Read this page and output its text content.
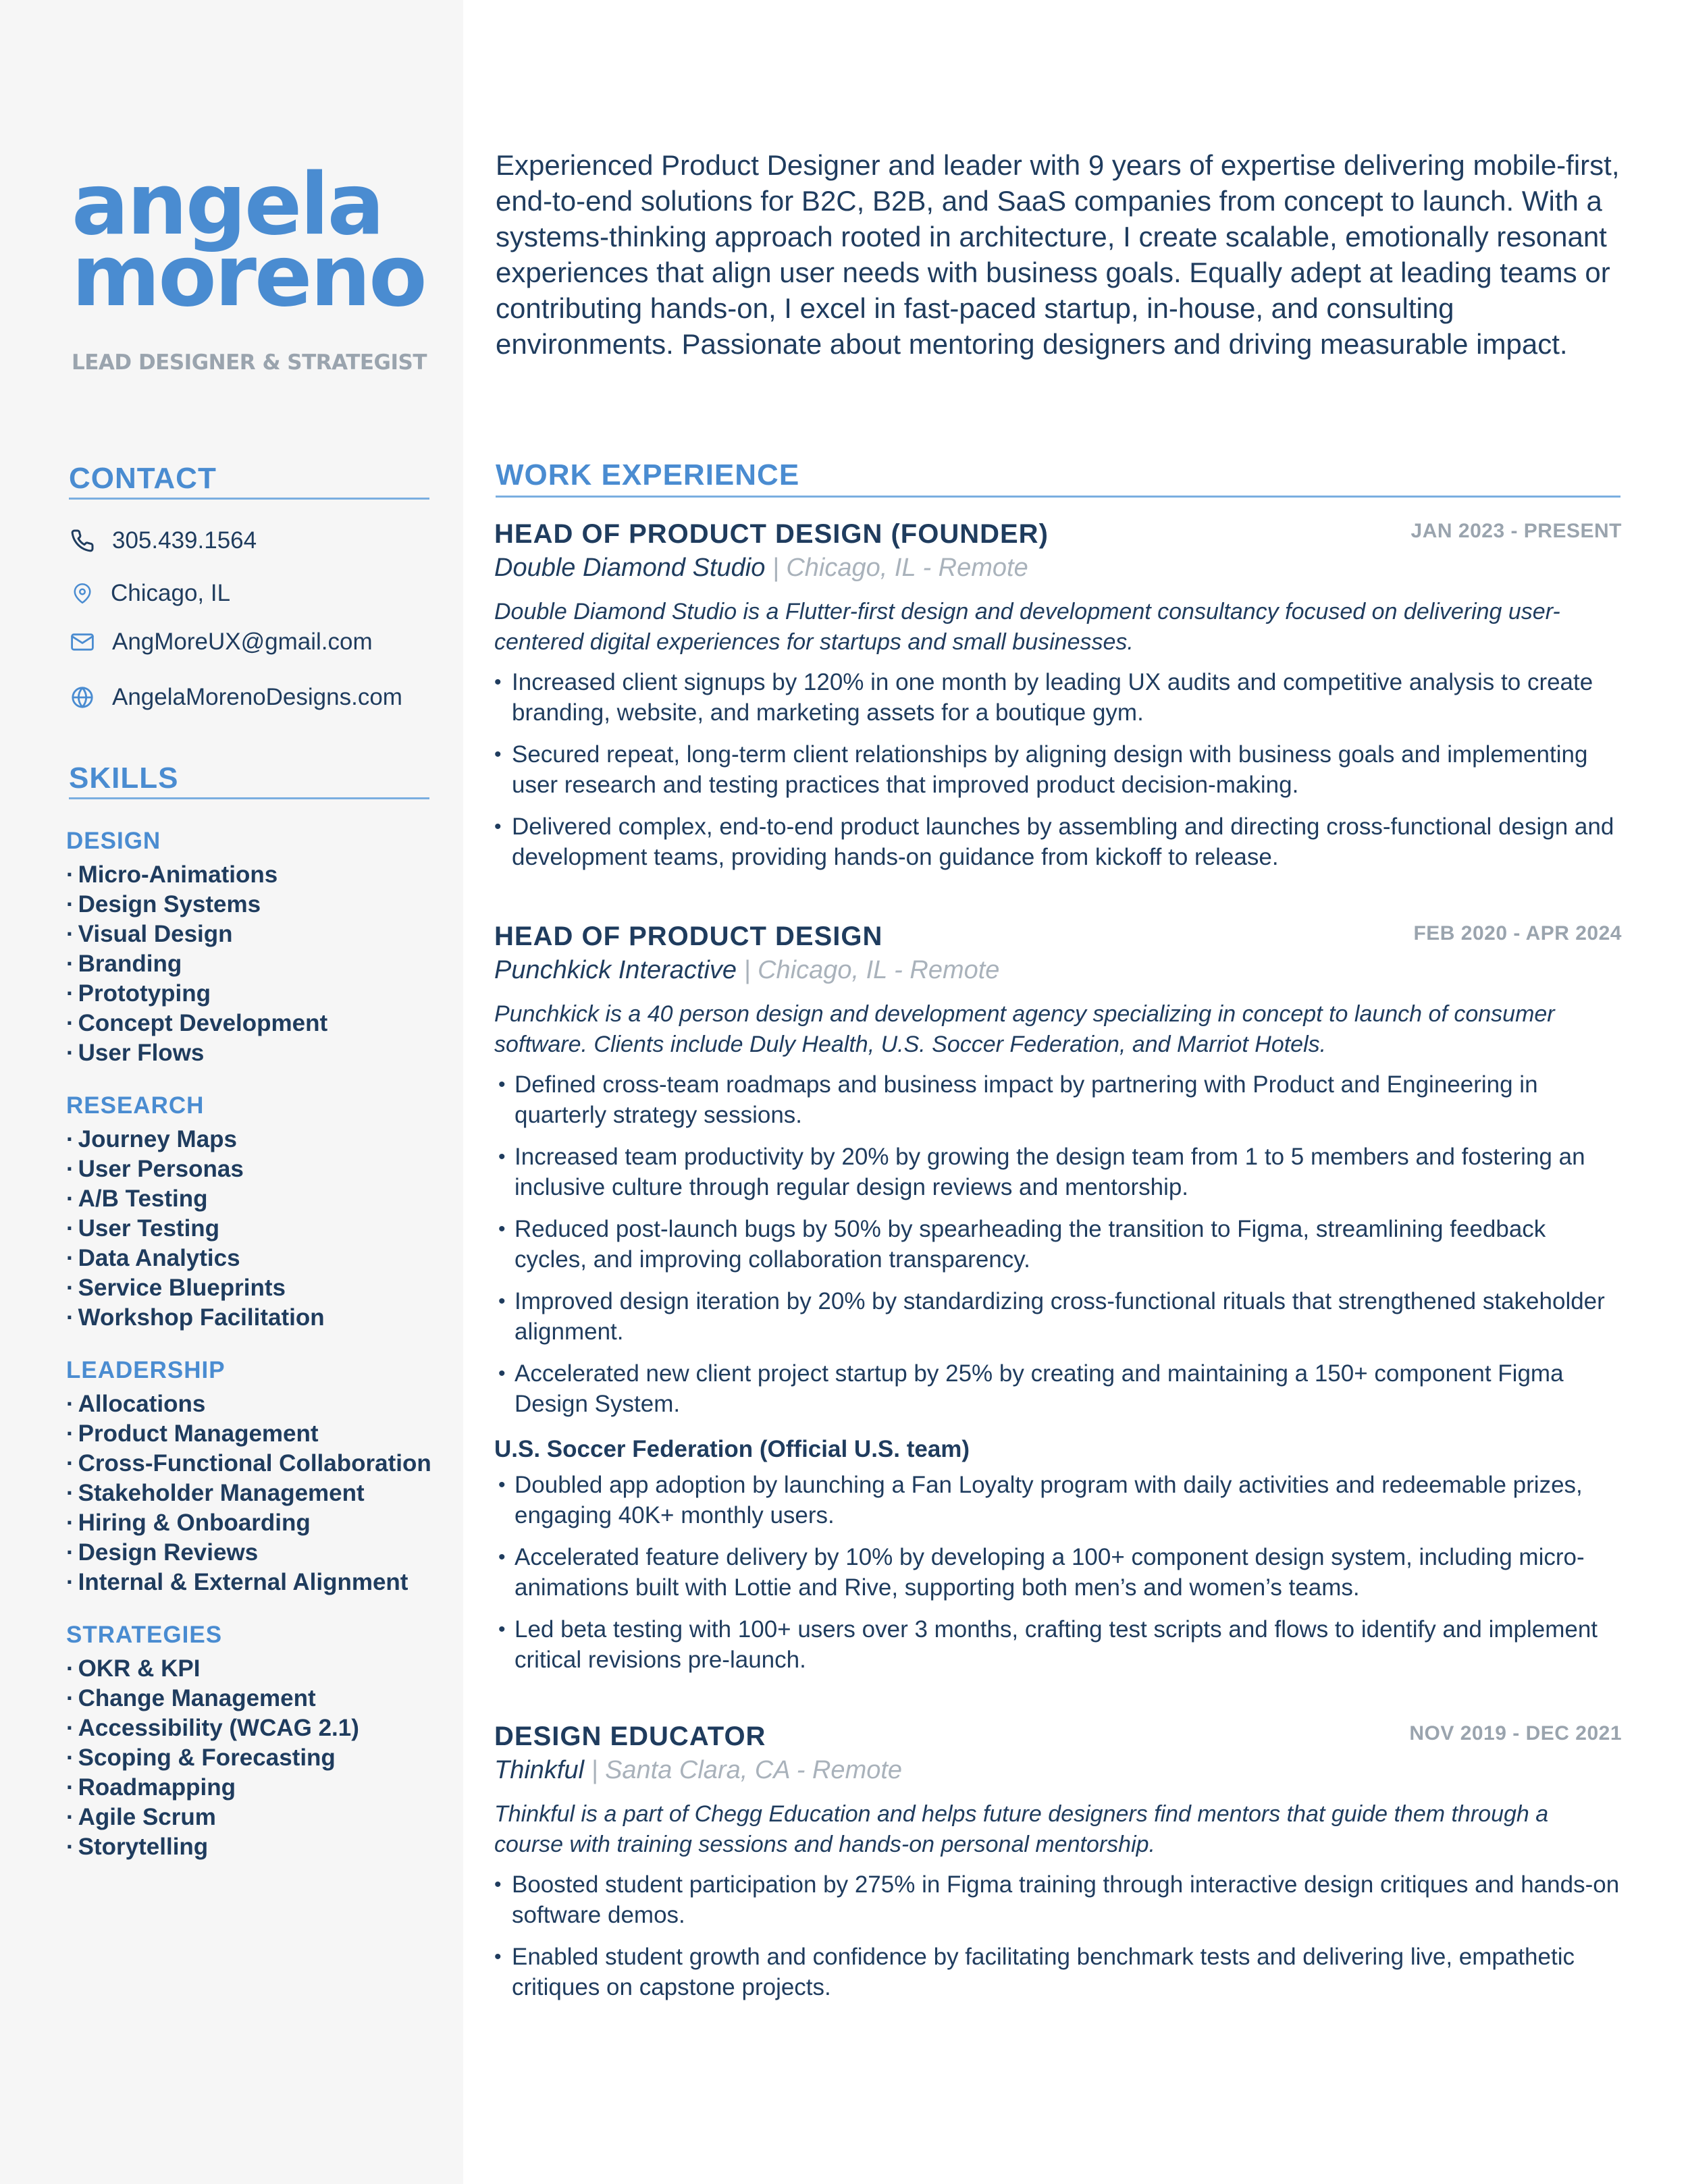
angela
moreno
LEAD DESIGNER & STRATEGIST
CONTACT
305.439.1564
Chicago, IL
AngMoreUX@gmail.com
AngelaMorenoDesigns.com
SKILLS
DESIGN
· Micro-Animations
· Design Systems
· Visual Design
· Branding
· Prototyping
· Concept Development
· User Flows
RESEARCH
· Journey Maps
· User Personas
· A/B Testing
· User Testing
· Data Analytics
· Service Blueprints
· Workshop Facilitation
LEADERSHIP
· Allocations
· Product Management
· Cross-Functional Collaboration
· Stakeholder Management
· Hiring & Onboarding
· Design Reviews
· Internal & External Alignment
STRATEGIES
· OKR & KPI
· Change Management
· Accessibility (WCAG 2.1)
· Scoping & Forecasting
· Roadmapping
· Agile Scrum
· Storytelling
Experienced Product Designer and leader with 9 years of expertise delivering mobile-first, end-to-end solutions for B2C, B2B, and SaaS companies from concept to launch. With a systems-thinking approach rooted in architecture, I create scalable, emotionally resonant experiences that align user needs with business goals. Equally adept at leading teams or contributing hands-on, I excel in fast-paced startup, in-house, and consulting environments. Passionate about mentoring designers and driving measurable impact.
WORK EXPERIENCE
HEAD OF PRODUCT DESIGN (FOUNDER)	JAN 2023 - PRESENT
Double Diamond Studio | Chicago, IL - Remote
Double Diamond Studio is a Flutter-first design and development consultancy focused on delivering user-centered digital experiences for startups and small businesses.
• Increased client signups by 120% in one month by leading UX audits and competitive analysis to create branding, website, and marketing assets for a boutique gym.
• Secured repeat, long-term client relationships by aligning design with business goals and implementing user research and testing practices that improved product decision-making.
• Delivered complex, end-to-end product launches by assembling and directing cross-functional design and development teams, providing hands-on guidance from kickoff to release.
HEAD OF PRODUCT DESIGN	FEB 2020 - APR 2024
Punchkick Interactive | Chicago, IL - Remote
Punchkick is a 40 person design and development agency specializing in concept to launch of consumer software. Clients include Duly Health, U.S. Soccer Federation, and Marriot Hotels.
• Defined cross-team roadmaps and business impact by partnering with Product and Engineering in quarterly strategy sessions.
• Increased team productivity by 20% by growing the design team from 1 to 5 members and fostering an inclusive culture through regular design reviews and mentorship.
• Reduced post-launch bugs by 50% by spearheading the transition to Figma, streamlining feedback cycles, and improving collaboration transparency.
• Improved design iteration by 20% by standardizing cross-functional rituals that strengthened stakeholder alignment.
• Accelerated new client project startup by 25% by creating and maintaining a 150+ component Figma Design System.
U.S. Soccer Federation (Official U.S. team)
• Doubled app adoption by launching a Fan Loyalty program with daily activities and redeemable prizes, engaging 40K+ monthly users.
• Accelerated feature delivery by 10% by developing a 100+ component design system, including micro-animations built with Lottie and Rive, supporting both men’s and women’s teams.
• Led beta testing with 100+ users over 3 months, crafting test scripts and flows to identify and implement critical revisions pre-launch.
DESIGN EDUCATOR	NOV 2019 - DEC 2021
Thinkful | Santa Clara, CA - Remote
Thinkful is a part of Chegg Education and helps future designers find mentors that guide them through a course with training sessions and hands-on personal mentorship.
• Boosted student participation by 275% in Figma training through interactive design critiques and hands-on software demos.
• Enabled student growth and confidence by facilitating benchmark tests and delivering live, empathetic critiques on capstone projects.
